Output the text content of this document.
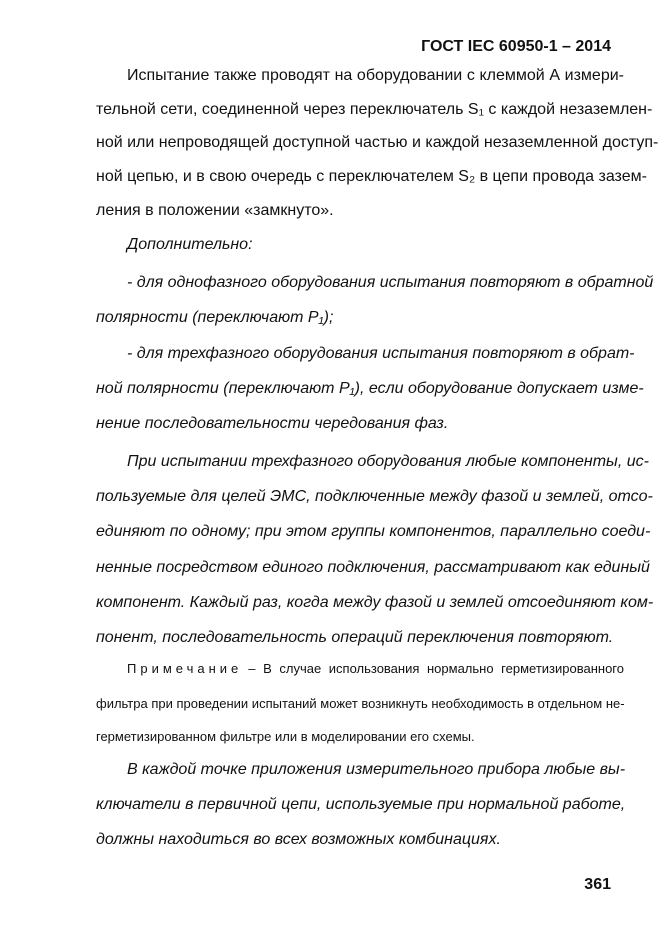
ГОСТ IEC 60950-1 – 2014
Испытание также проводят на оборудовании с клеммой А измери-
тельной сети, соединенной через переключатель S₁ с каждой незаземлен-
ной или непроводящей доступной частью и каждой незаземленной доступ-
ной цепью, и в свою очередь с переключателем S₂ в цепи провода зазем-
ления в положении «замкнуто».
Дополнительно:
- для однофазного оборудования испытания повторяют в обратной
полярности (переключают P₁);
- для трехфазного оборудования испытания повторяют в обрат-
ной полярности (переключают P₁), если оборудование допускает изме-
нение последовательности чередования фаз.
При испытании трехфазного оборудования любые компоненты, ис-
пользуемые для целей ЭМС, подключенные между фазой и землей, отсо-
единяют по одному; при этом группы компонентов, параллельно соеди-
ненные посредством единого подключения, рассматривают как единый
компонент. Каждый раз, когда между фазой и землей отсоединяют ком-
понент, последовательность операций переключения повторяют.
Примечание – В случае использования нормально герметизированного
фильтра при проведении испытаний может возникнуть необходимость в отдельном не-
герметизированном фильтре или в моделировании его схемы.
В каждой точке приложения измерительного прибора любые вы-
ключатели в первичной цепи, используемые при нормальной работе,
должны находиться во всех возможных комбинациях.
361
